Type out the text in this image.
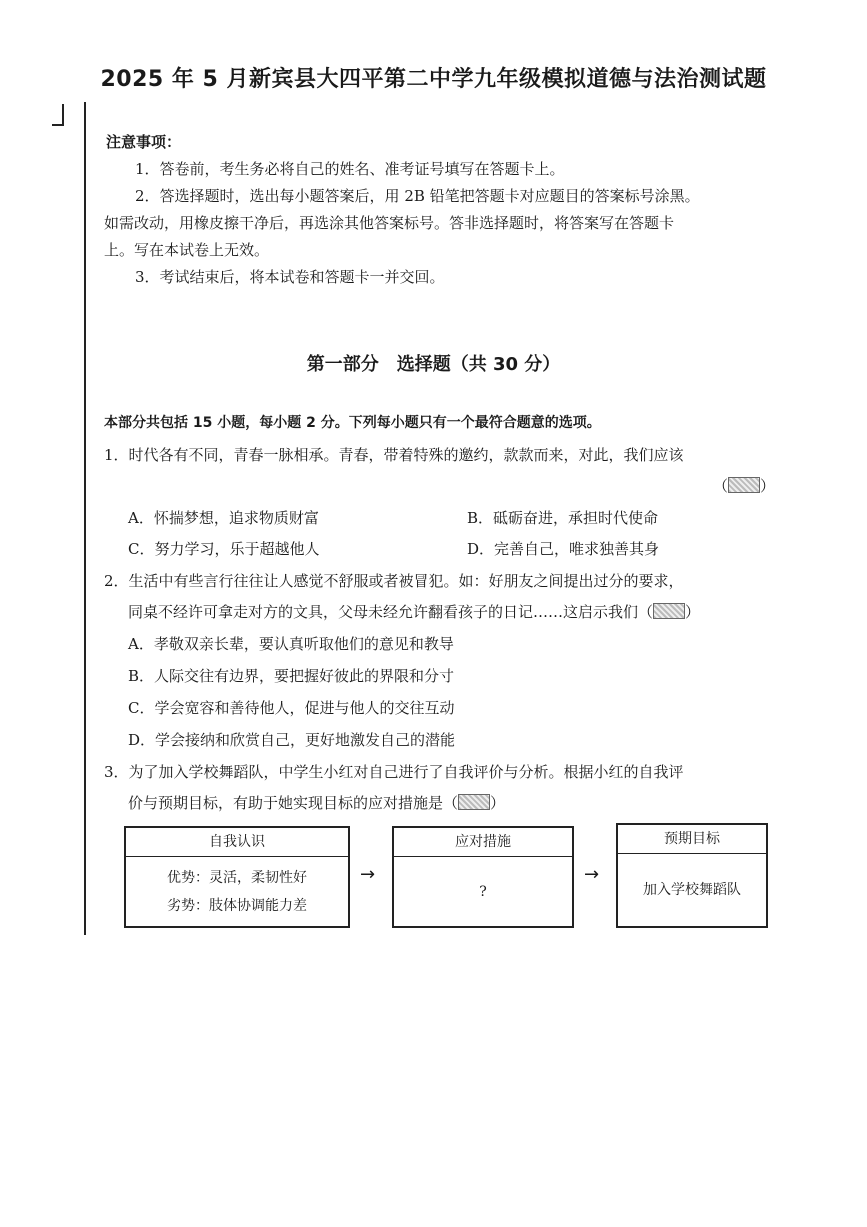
2025 年 5 月新宾县大四平第二中学九年级模拟道德与法治测试题
注意事项：
1．答卷前，考生务必将自己的姓名、准考证号填写在答题卡上。
2．答选择题时，选出每小题答案后，用 2B 铅笔把答题卡对应题目的答案标号涂黑。
如需改动，用橡皮擦干净后，再选涂其他答案标号。答非选择题时，将答案写在答题卡
上。写在本试卷上无效。
3．考试结束后，将本试卷和答题卡一并交回。
第一部分　选择题（共 30 分）
本部分共包括 15 小题，每小题 2 分。下列每小题只有一个最符合题意的选项。
1．时代各有不同，青春一脉相承。青春，带着特殊的邀约，款款而来，对此，我们应该
（ ）
A．怀揣梦想，追求物质财富	B．砥砺奋进，承担时代使命
C．努力学习，乐于超越他人	D．完善自己，唯求独善其身
2．生活中有些言行往往让人感觉不舒服或者被冒犯。如：好朋友之间提出过分的要求，
同桌不经许可拿走对方的文具，父母未经允许翻看孩子的日记……这启示我们（ ）
A．孝敬双亲长辈，要认真听取他们的意见和教导
B．人际交往有边界，要把握好彼此的界限和分寸
C．学会宽容和善待他人，促进与他人的交往互动
D．学会接纳和欣赏自己，更好地激发自己的潜能
3．为了加入学校舞蹈队，中学生小红对自己进行了自我评价与分析。根据小红的自我评
价与预期目标，有助于她实现目标的应对措施是（ ）
自我认识
优势：灵活，柔韧性好
劣势：肢体协调能力差
→
应对措施
?
→
预期目标
加入学校舞蹈队
